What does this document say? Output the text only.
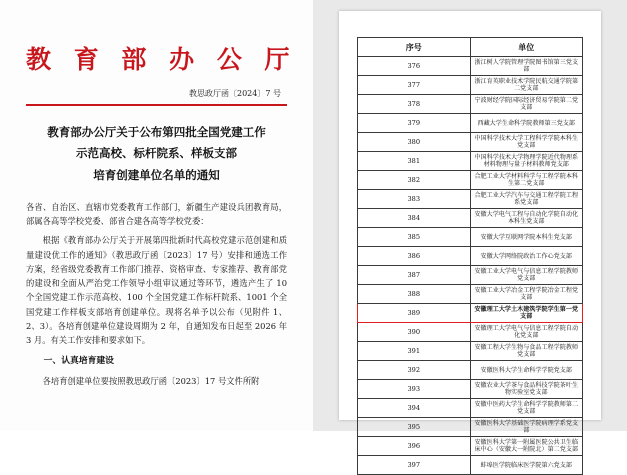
教 育 部 办 公 厅
教思政厅函〔2024〕7 号
教育部办公厅关于公布第四批全国党建工作
示范高校、标杆院系、样板支部
培育创建单位名单的通知

各省、自治区、直辖市党委教育工作部门，新疆生产建设兵团教育局，部属各高等学校党委、部省合建各高等学校党委：

根据《教育部办公厅关于开展第四批新时代高校党建示范创建和质量建设优工作的通知》（教思政厅函〔2023〕17 号）安排和通选工作方案，经省级党委教育工作部门推荐、资格审查、专家推荐、教育部党的建设和全面从严治党工作领导小组审议通过等环节，遴选产生了 10 个全国党建工作示范高校、100 个全国党建工作标杆院系、1001 个全国党建工作样板支部培育创建单位。现将名单予以公布（见附件 1、2、3）。各培育创建单位建设周期为 2 年，自通知发布日起至 2026 年 3 月。有关工作安排和要求如下。

一、认真培育建设

各培育创建单位要按照教思政厅函〔2023〕17 号文件所附

序号	单位
376	浙江树人学院管理学院图书馆第三党支部
377	浙江育英职业技术学院民航交通学院第二党支部
378	宁波财经学院国际经济贸易学院第二党支部
379	西藏大学生命科学院教师第三党支部
380	中国科学技术大学工程科学学院本科生党支部
381	中国科学技术大学物理学院近代物理系材料物理与量子材料教师党支部
382	合肥工业大学材料科学与工程学院本科生第二党支部
383	合肥工业大学汽车与交通工程学院工程系党支部
384	安徽大学电气工程与自动化学院自动化本科生党支部
385	安徽大学互联网学院本科生党支部
386	安徽大学网络院政治工作心党支部
387	安徽工业大学电气与信息工程学院教师党支部
388	安徽工业大学冶金工程学院冶金工程党支部
389	安徽理工大学土木建筑学院学生第一党支部
390	安徽理工大学电气与信息工程学院自动化党支部
391	安徽工程大学生物与食品工程学院教师党支部
392	安徽医科大学生命科学学院党支部
393	安徽农业大学茶与食品科技学院茶叶生物实验室党支部
394	安徽中医药大学生命科学学院教师第二党支部
395	安徽医科大学基础医学院病理学系党支部
396	安徽医科大学第一附属医院公共卫生临床中心（安徽大一附院北）第二党支部
397	蚌埠医学院临床医学院第六党支部
